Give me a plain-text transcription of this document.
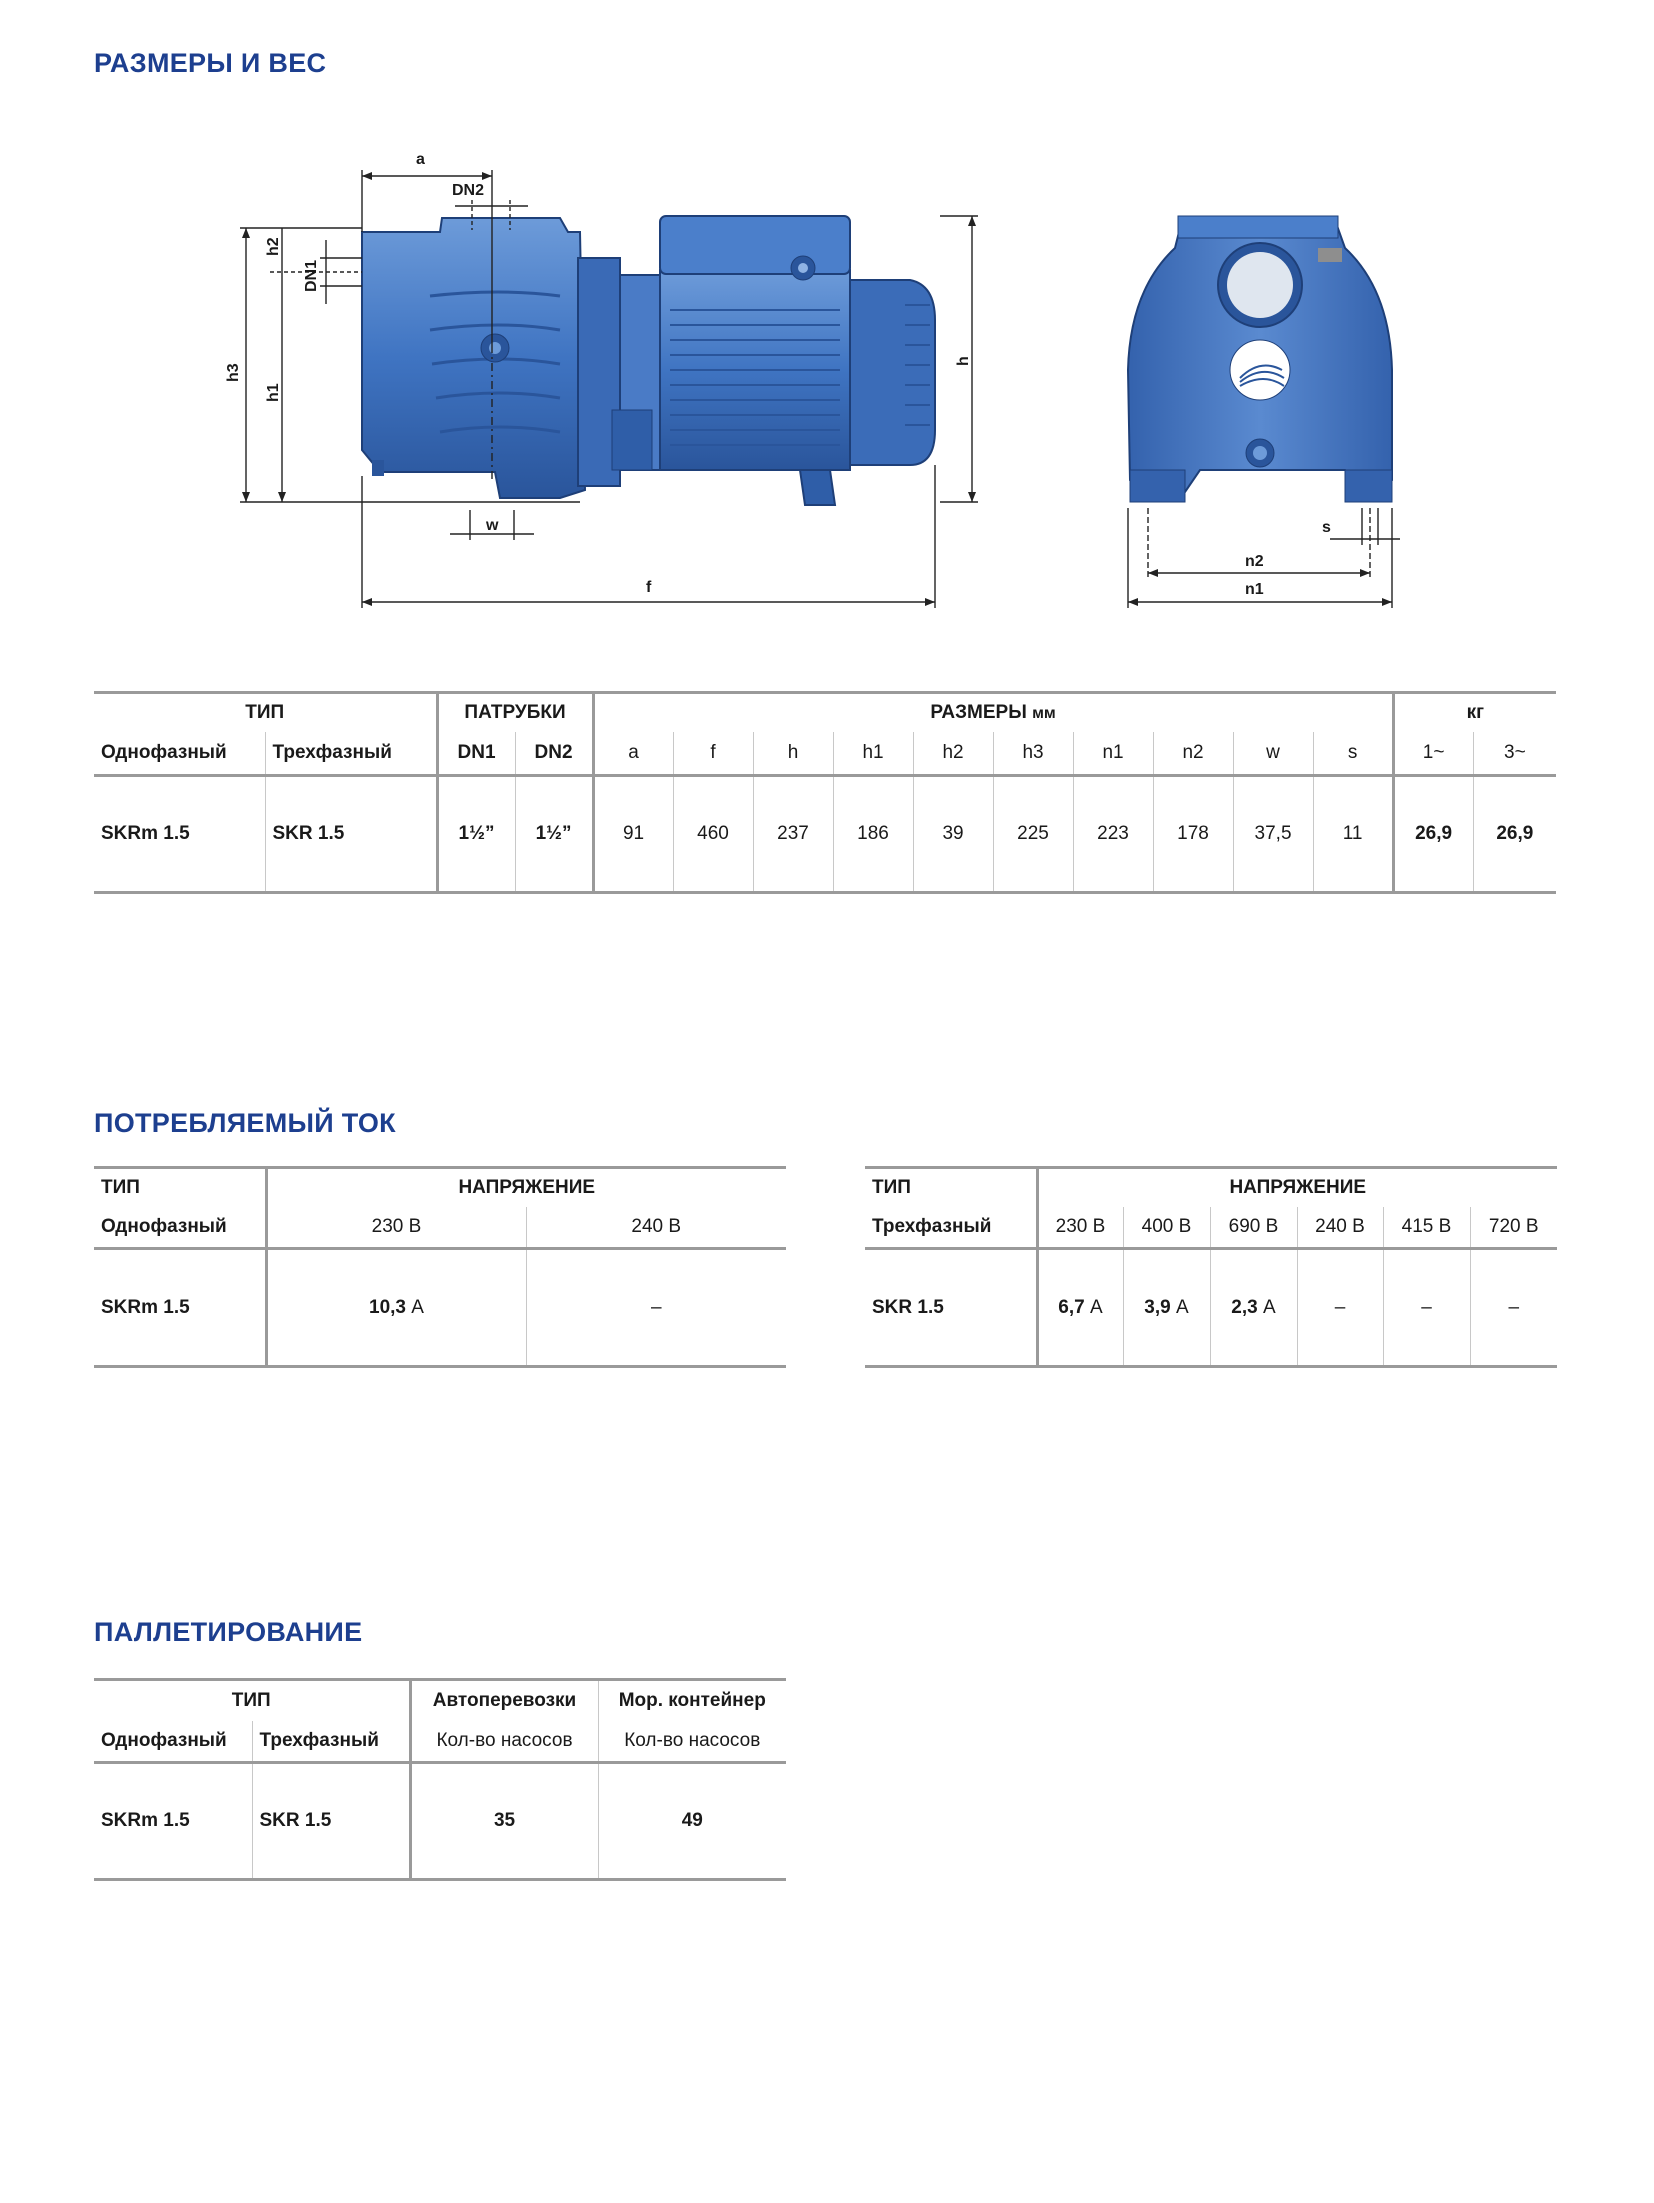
РАЗМЕРЫ И ВЕС
a
DN2
h2
DN1
h3
h1
h
w
f
s
n2
n1
ТИП		ПАТРУБКИ		РАЗМЕРЫ мм										кг	
Однофазный	Трехфазный	DN1	DN2	a	f	h	h1	h2	h3	n1	n2	w	s	1~	3~
SKRm 1.5	SKR 1.5	1½”	1½”	91	460	237	186	39	225	223	178	37,5	11	26,9	26,9
ПОТРЕБЛЯЕМЫЙ ТОК
ТИП	НАПРЯЖЕНИЕ	
Однофазный	230 В	240 В
SKRm 1.5	10,3 А	–
ТИП	НАПРЯЖЕНИЕ					
Трехфазный	230 В	400 В	690 В	240 В	415 В	720 В
SKR 1.5	6,7 А	3,9 А	2,3 А	–	–	–
ПАЛЛЕТИРОВАНИЕ
ТИП		Автоперевозки	Мор. контейнер
Однофазный	Трехфазный	Кол-во насосов	Кол-во насосов
SKRm 1.5	SKR 1.5	35	49
